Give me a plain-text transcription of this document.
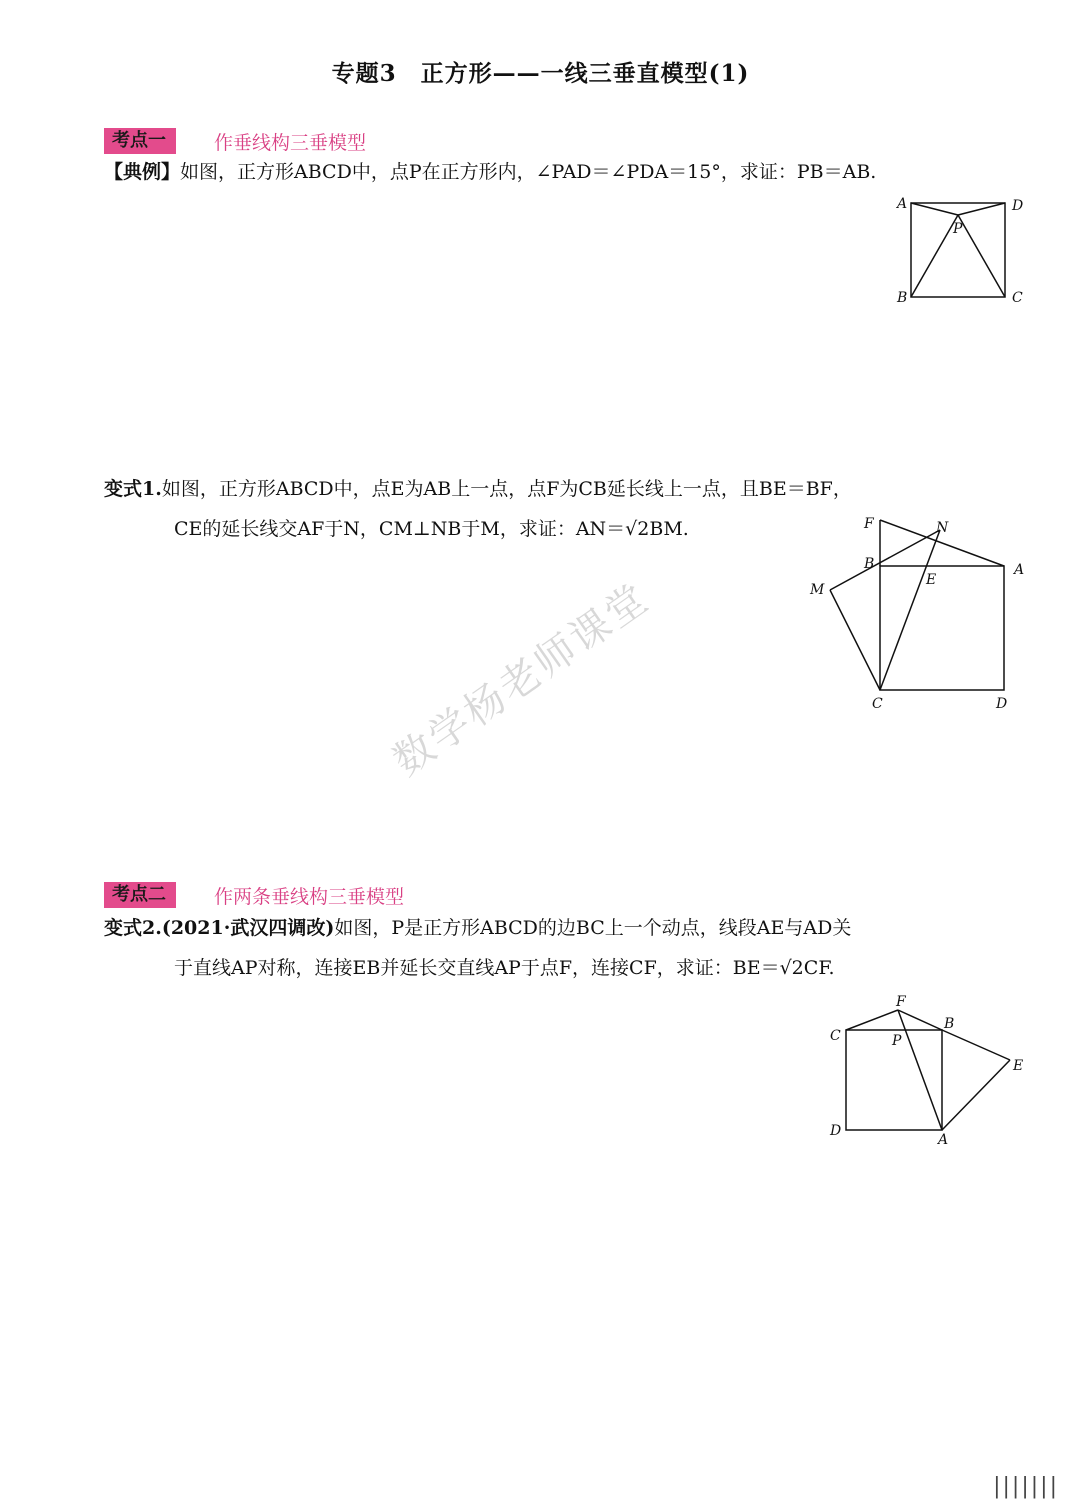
专题3　正方形——一线三垂直模型(1)
考点一	作垂线构三垂模型
【典例】如图，正方形ABCD中，点P在正方形内，∠PAD＝∠PDA＝15°，求证：PB＝AB.
A	D
P
B	C
变式1.如图，正方形ABCD中，点E为AB上一点，点F为CB延长线上一点，且BE＝BF，
CE的延长线交AF于N，CM⊥NB于M，求证：AN＝√2BM.	F	N
B	A
E
M
C	D
数学杨老师课堂
考点二	作两条垂线构三垂模型
变式2.(2021·武汉四调改)如图，P是正方形ABCD的边BC上一个动点，线段AE与AD关
于直线AP对称，连接EB并延长交直线AP于点F，连接CF，求证：BE＝√2CF.
F
C
B
P
E
D
A
|||||||
